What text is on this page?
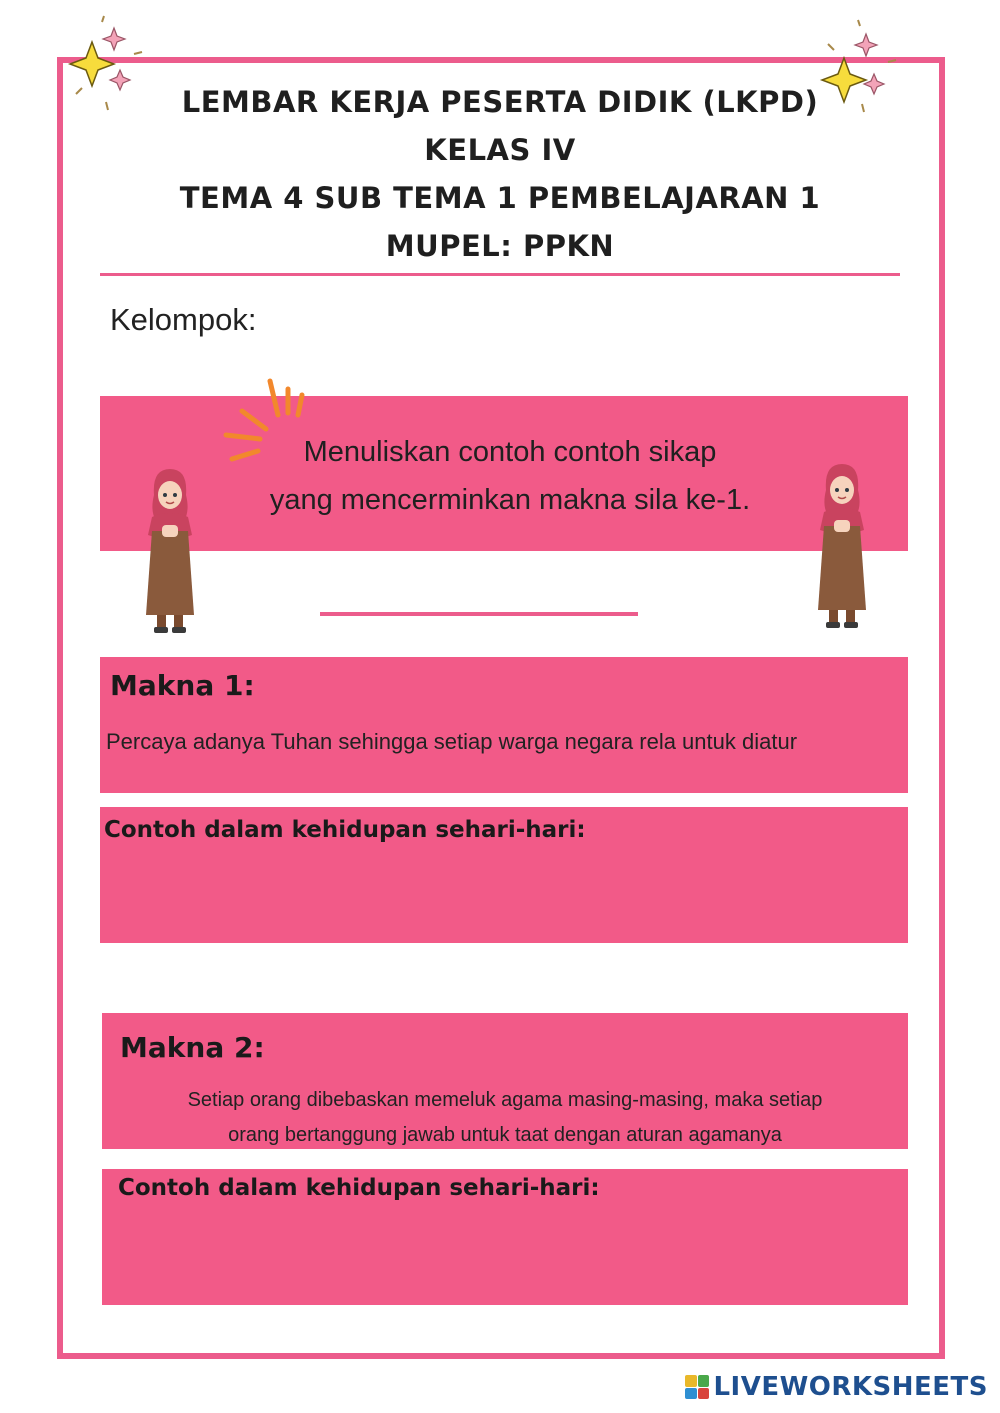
LEMBAR KERJA PESERTA DIDIK (LKPD)
KELAS IV
TEMA 4 SUB TEMA 1 PEMBELAJARAN 1
MUPEL: PPKN
Kelompok:
Menuliskan contoh contoh sikap
yang mencerminkan makna sila ke-1.
Makna 1:
Percaya adanya Tuhan sehingga setiap warga negara rela untuk diatur
Contoh dalam kehidupan sehari-hari:
Makna 2:
Setiap orang dibebaskan memeluk agama masing-masing, maka setiap
orang bertanggung jawab untuk taat dengan aturan agamanya
Contoh dalam kehidupan sehari-hari:
LIVEWORKSHEETS
